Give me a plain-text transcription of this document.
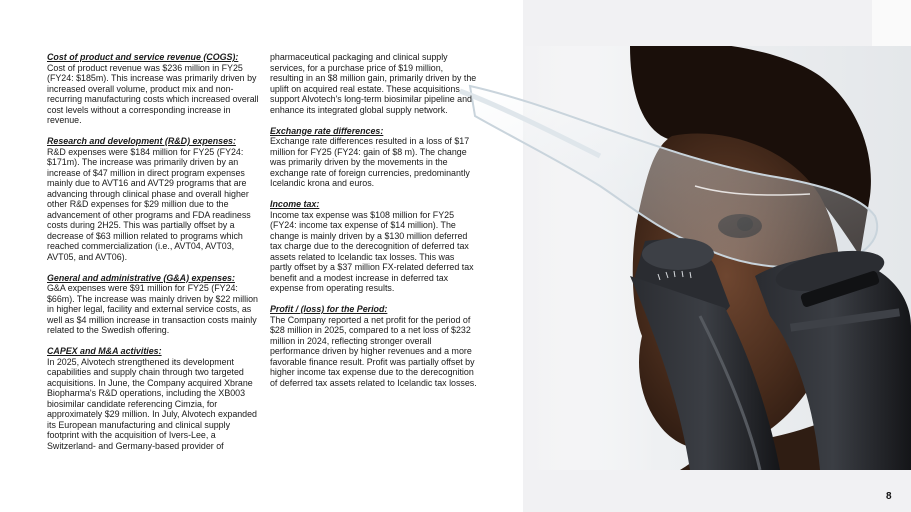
Cost of product and service revenue (COGS):

Cost of product revenue was $236 million in FY25 (FY24: $185m). This increase was primarily driven by increased overall volume, product mix and non-recurring manufacturing costs which increased overall cost levels without a corresponding increase in revenue.

Research and development (R&D) expenses:

R&D expenses were $184 million for FY25 (FY24: $171m). The increase was primarily driven by an increase of $47 million in direct program expenses mainly due to AVT16 and AVT29 programs that are advancing through clinical phase and overall higher other R&D expenses for $29 million due to the advancement of other programs and FDA readiness costs during 2H25. This was partially offset by a decrease of $63 million related to programs which reached commercialization (i.e., AVT04, AVT03, AVT05, and AVT06).

General and administrative (G&A) expenses:

G&A expenses were $91 million for FY25 (FY24: $66m). The increase was mainly driven by $22 million in higher legal, facility and external service costs, as well as $4 million increase in transaction costs mainly related to the Swedish offering.

CAPEX and M&A activities:

In 2025, Alvotech strengthened its development capabilities and supply chain through two targeted acquisitions. In June, the Company acquired Xbrane Biopharma's R&D operations, including the XB003 biosimilar candidate referencing Cimzia, for approximately $29 million. In July, Alvotech expanded its European manufacturing and clinical supply footprint with the acquisition of Ivers-Lee, a Switzerland- and Germany-based provider of

pharmaceutical packaging and clinical supply services, for a purchase price of $19 million, resulting in an $8 million gain, primarily driven by the uplift on acquired real estate. These acquisitions support Alvotech's long-term biosimilar pipeline and enhance its integrated global supply network.

Exchange rate differences:

Exchange rate differences resulted in a loss of $17 million for FY25 (FY24: gain of $8 m). The change was primarily driven by the movements in the exchange rate of foreign currencies, predominantly Icelandic krona and euros.

Income tax:

Income tax expense was $108 million for FY25 (FY24: income tax expense of $14 million). The change is mainly driven by a $130 million deferred tax charge due to the derecognition of deferred tax assets related to Icelandic tax losses. This was partly offset by a $37 million FX-related deferred tax benefit and a modest increase in deferred tax expense from operating results.

Profit / (loss) for the Period:

The Company reported a net profit for the period of $28 million in 2025, compared to a net loss of $232 million in 2024, reflecting stronger overall performance driven by higher revenues and a more favorable finance result. Profit was partially offset by higher income tax expense due to the derecognition of deferred tax assets related to Icelandic tax losses.

8
